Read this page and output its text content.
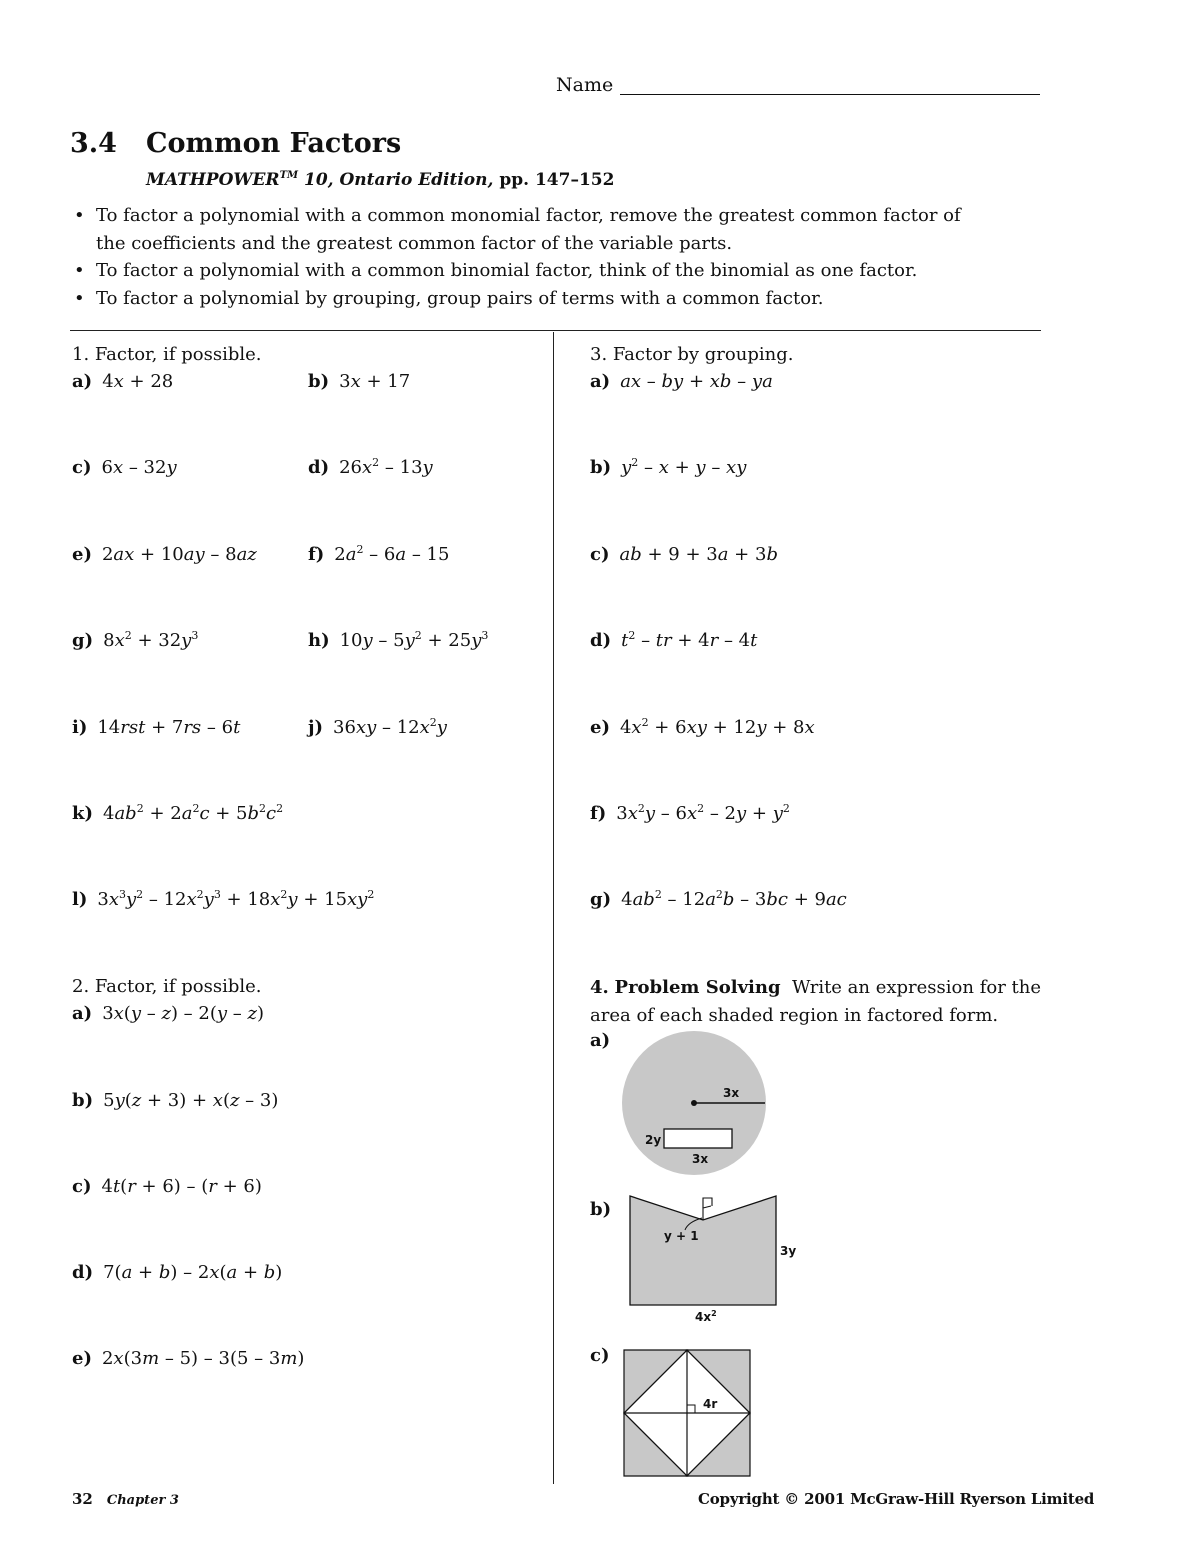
Name
3.4 Common Factors
MATHPOWER™ 10, Ontario Edition, pp. 147–152
• To factor a polynomial with a common monomial factor, remove the greatest common factor of the coefficients and the greatest common factor of the variable parts.
• To factor a polynomial with a common binomial factor, think of the binomial as one factor.
• To factor a polynomial by grouping, group pairs of terms with a common factor.
1. Factor, if possible.
a) 4x + 28	b) 3x + 17
c) 6x – 32y	d) $26x^2 - 13y$
e) 2ax + 10ay – 8az	f) $2a^2 - 6a - 15$
g) $8x^2 + 32y^3$	h) $10y - 5y^2 + 25y^3$
i) 14rst + 7rs – 6t	j) $36xy - 12x^2y$
k) $4ab^2 + 2a^2c + 5b^2c^2$
l) $3x^3y^2 - 12x^2y^3 + 18x^2y + 15xy^2$
2. Factor, if possible.
a) 3x(y – z) – 2(y – z)
b) 5y(z + 3) + x(z – 3)
c) 4t(r + 6) – (r + 6)
d) 7(a + b) – 2x(a + b)
e) 2x(3m – 5) – 3(5 – 3m)
3. Factor by grouping.
a) ax – by + xb – ya
b) $y^2 - x + y$ – xy
c) ab + 9 + 3a + 3b
d) $t^2$ – tr + 4r – 4t
e) $4x^2 + 6xy + 12y + 8x$
f) $3x^2y - 6x^2 - 2y + y^2$
g) $4ab^2 - 12a^2b - 3bc + 9ac$
4. Problem Solving Write an expression for the area of each shaded region in factored form.
a)
3x
2y
3x
b)
y + 1
3y
$4x^2$
c)
4r
32 Chapter 3	Copyright © 2001 McGraw-Hill Ryerson Limited
